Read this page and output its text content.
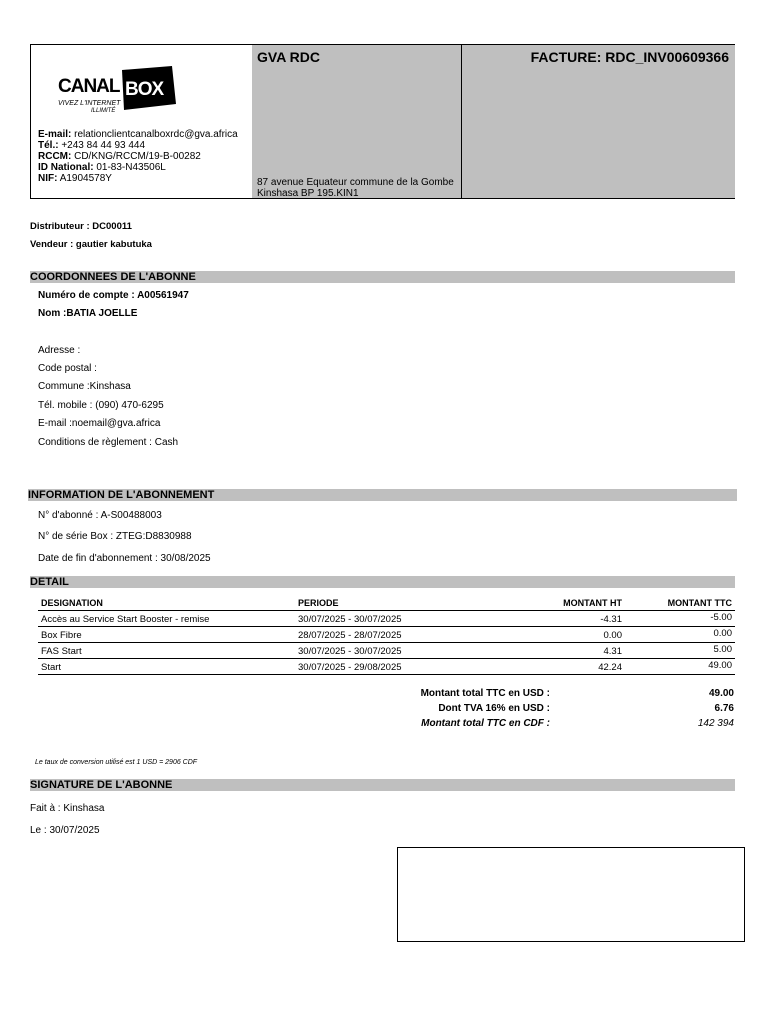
CANAL BOX
VIVEZ L'INTERNET
ILLIMITÉ
E-mail: relationclientcanalboxrdc@gva.africa
Tél.: +243 84 44 93 444
RCCM: CD/KNG/RCCM/19-B-00282
ID National: 01-83-N43506L
NIF: A1904578Y
GVA RDC
87 avenue Equateur commune de la Gombe
Kinshasa BP 195.KIN1
FACTURE: RDC_INV00609366
Distributeur : DC00011
Vendeur : gautier kabutuka
COORDONNEES DE L'ABONNE
Numéro de compte : A00561947
Nom :BATIA JOELLE
Adresse :
Code postal :
Commune :Kinshasa
Tél. mobile : (090) 470-6295
E-mail :noemail@gva.africa
Conditions de règlement : Cash
INFORMATION DE L'ABONNEMENT
N° d'abonné : A-S00488003
N° de série Box : ZTEG:D8830988
Date de fin d'abonnement : 30/08/2025
DETAIL
DESIGNATION	PERIODE	MONTANT HT	MONTANT TTC
Accès au Service Start Booster - remise	30/07/2025 - 30/07/2025	-4.31	-5.00
Box Fibre	28/07/2025 - 28/07/2025	0.00	0.00
FAS Start	30/07/2025 - 30/07/2025	4.31	5.00
Start	30/07/2025 - 29/08/2025	42.24	49.00
Montant total TTC en USD :	49.00
Dont TVA 16% en USD :	6.76
Montant total TTC en CDF :	142 394
Le taux de conversion utilisé est 1 USD = 2906 CDF
SIGNATURE DE L'ABONNE
Fait à : Kinshasa
Le : 30/07/2025
